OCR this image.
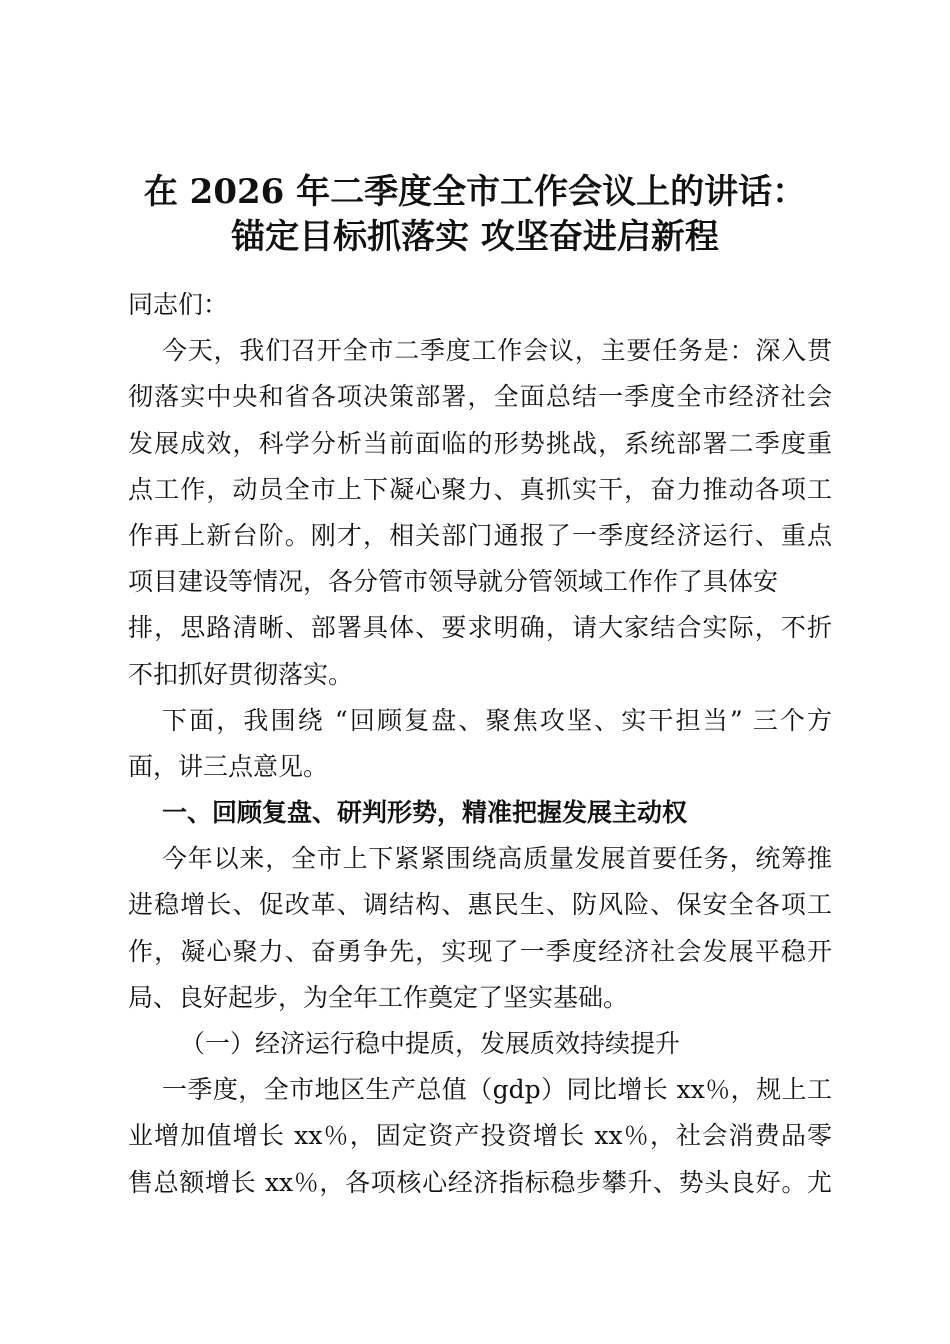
在 2026 年二季度全市工作会议上的讲话：
锚定目标抓落实 攻坚奋进启新程
同志们：
今天，我们召开全市二季度工作会议，主要任务是：深入贯
彻落实中央和省各项决策部署，全面总结一季度全市经济社会
发展成效，科学分析当前面临的形势挑战，系统部署二季度重
点工作，动员全市上下凝心聚力、真抓实干，奋力推动各项工
作再上新台阶。刚才，相关部门通报了一季度经济运行、重点
项目建设等情况，各分管市领导就分管领域工作作了具体安
排，思路清晰、部署具体、要求明确，请大家结合实际，不折
不扣抓好贯彻落实。
下面，我围绕 “回顾复盘、聚焦攻坚、实干担当” 三个方
面，讲三点意见。
一、回顾复盘、研判形势，精准把握发展主动权
今年以来，全市上下紧紧围绕高质量发展首要任务，统筹推
进稳增长、促改革、调结构、惠民生、防风险、保安全各项工
作，凝心聚力、奋勇争先，实现了一季度经济社会发展平稳开
局、良好起步，为全年工作奠定了坚实基础。
（一）经济运行稳中提质，发展质效持续提升
一季度，全市地区生产总值（gdp）同比增长 xx％，规上工
业增加值增长 xx％，固定资产投资增长 xx％，社会消费品零
售总额增长 xx％，各项核心经济指标稳步攀升、势头良好。尤
